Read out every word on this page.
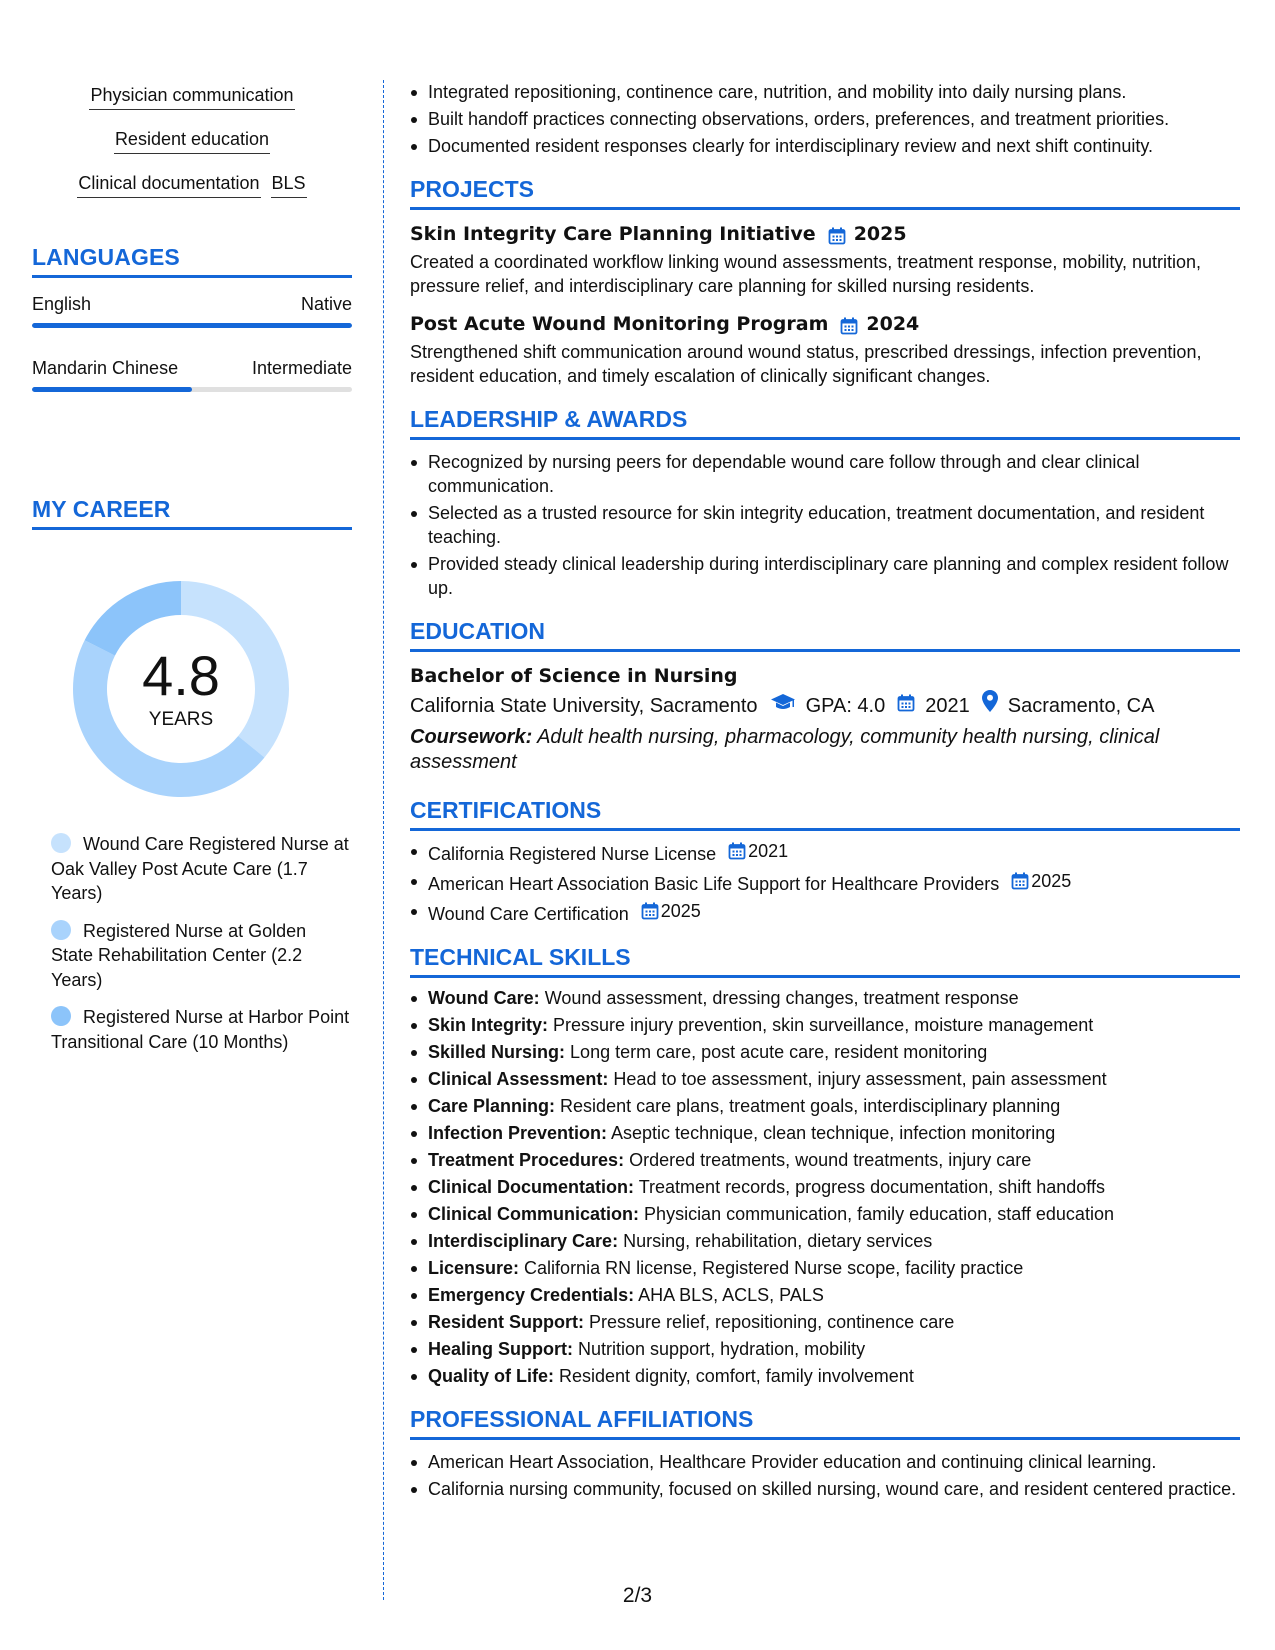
Physician communication
Resident education
Clinical documentation BLS
LANGUAGES
English	Native
Mandarin Chinese	Intermediate
MY CAREER
4.8
YEARS
Wound Care Registered Nurse at Oak Valley Post Acute Care (1.7 Years)
Registered Nurse at Golden State Rehabilitation Center (2.2 Years)
Registered Nurse at Harbor Point Transitional Care (10 Months)
Integrated repositioning, continence care, nutrition, and mobility into daily nursing plans.
Built handoff practices connecting observations, orders, preferences, and treatment priorities.
Documented resident responses clearly for interdisciplinary review and next shift continuity.
PROJECTS
Skin Integrity Care Planning Initiative 2025
Created a coordinated workflow linking wound assessments, treatment response, mobility, nutrition, pressure relief, and interdisciplinary care planning for skilled nursing residents.
Post Acute Wound Monitoring Program 2024
Strengthened shift communication around wound status, prescribed dressings, infection prevention, resident education, and timely escalation of clinically significant changes.
LEADERSHIP & AWARDS
Recognized by nursing peers for dependable wound care follow through and clear clinical communication.
Selected as a trusted resource for skin integrity education, treatment documentation, and resident teaching.
Provided steady clinical leadership during interdisciplinary care planning and complex resident follow up.
EDUCATION
Bachelor of Science in Nursing
California State University, Sacramento GPA: 4.0 2021 Sacramento, CA
Coursework: Adult health nursing, pharmacology, community health nursing, clinical assessment
CERTIFICATIONS
California Registered Nurse License 2021
American Heart Association Basic Life Support for Healthcare Providers 2025
Wound Care Certification 2025
TECHNICAL SKILLS
Wound Care: Wound assessment, dressing changes, treatment response
Skin Integrity: Pressure injury prevention, skin surveillance, moisture management
Skilled Nursing: Long term care, post acute care, resident monitoring
Clinical Assessment: Head to toe assessment, injury assessment, pain assessment
Care Planning: Resident care plans, treatment goals, interdisciplinary planning
Infection Prevention: Aseptic technique, clean technique, infection monitoring
Treatment Procedures: Ordered treatments, wound treatments, injury care
Clinical Documentation: Treatment records, progress documentation, shift handoffs
Clinical Communication: Physician communication, family education, staff education
Interdisciplinary Care: Nursing, rehabilitation, dietary services
Licensure: California RN license, Registered Nurse scope, facility practice
Emergency Credentials: AHA BLS, ACLS, PALS
Resident Support: Pressure relief, repositioning, continence care
Healing Support: Nutrition support, hydration, mobility
Quality of Life: Resident dignity, comfort, family involvement
PROFESSIONAL AFFILIATIONS
American Heart Association, Healthcare Provider education and continuing clinical learning.
California nursing community, focused on skilled nursing, wound care, and resident centered practice.
2/3
